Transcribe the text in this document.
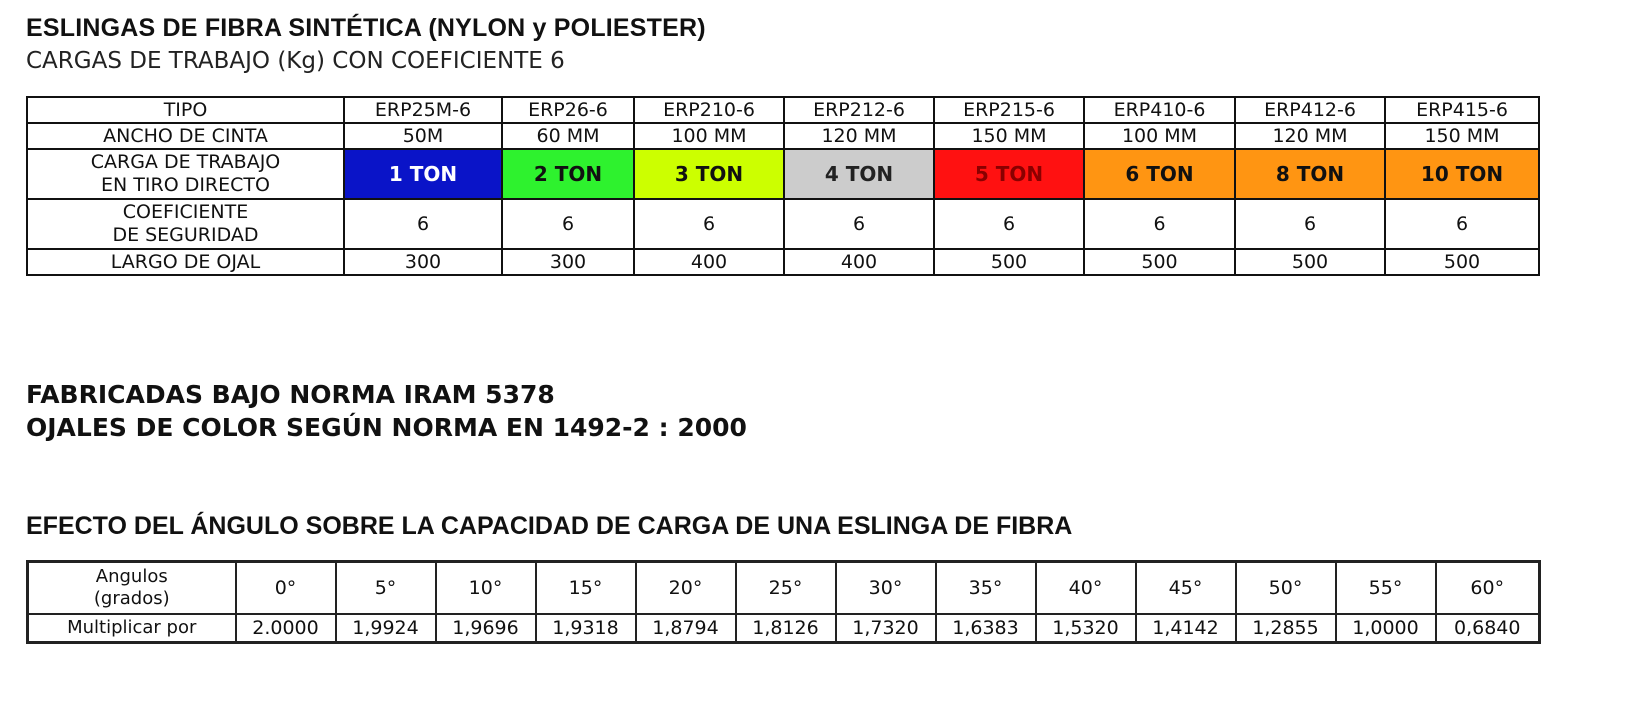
ESLINGAS DE FIBRA SINTÉTICA (NYLON y POLIESTER)
CARGAS DE TRABAJO (Kg) CON COEFICIENTE 6
TIPO	ERP25M-6	ERP26-6	ERP210-6	ERP212-6	ERP215-6	ERP410-6	ERP412-6	ERP415-6
ANCHO DE CINTA	50M	60 MM	100 MM	120 MM	150 MM	100 MM	120 MM	150 MM
CARGA DE TRABAJO
EN TIRO DIRECTO	1 TON	2 TON	3 TON	4 TON	5 TON	6 TON	8 TON	10 TON
COEFICIENTE
DE SEGURIDAD	6	6	6	6	6	6	6	6
LARGO DE OJAL	300	300	400	400	500	500	500	500
FABRICADAS BAJO NORMA IRAM 5378
OJALES DE COLOR SEGÚN NORMA EN 1492-2 : 2000
EFECTO DEL ÁNGULO SOBRE LA CAPACIDAD DE CARGA DE UNA ESLINGA DE FIBRA
Angulos
(grados)	0°	5°	10°	15°	20°	25°	30°	35°	40°	45°	50°	55°	60°
Multiplicar por	2.0000	1,9924	1,9696	1,9318	1,8794	1,8126	1,7320	1,6383	1,5320	1,4142	1,2855	1,0000	0,6840
